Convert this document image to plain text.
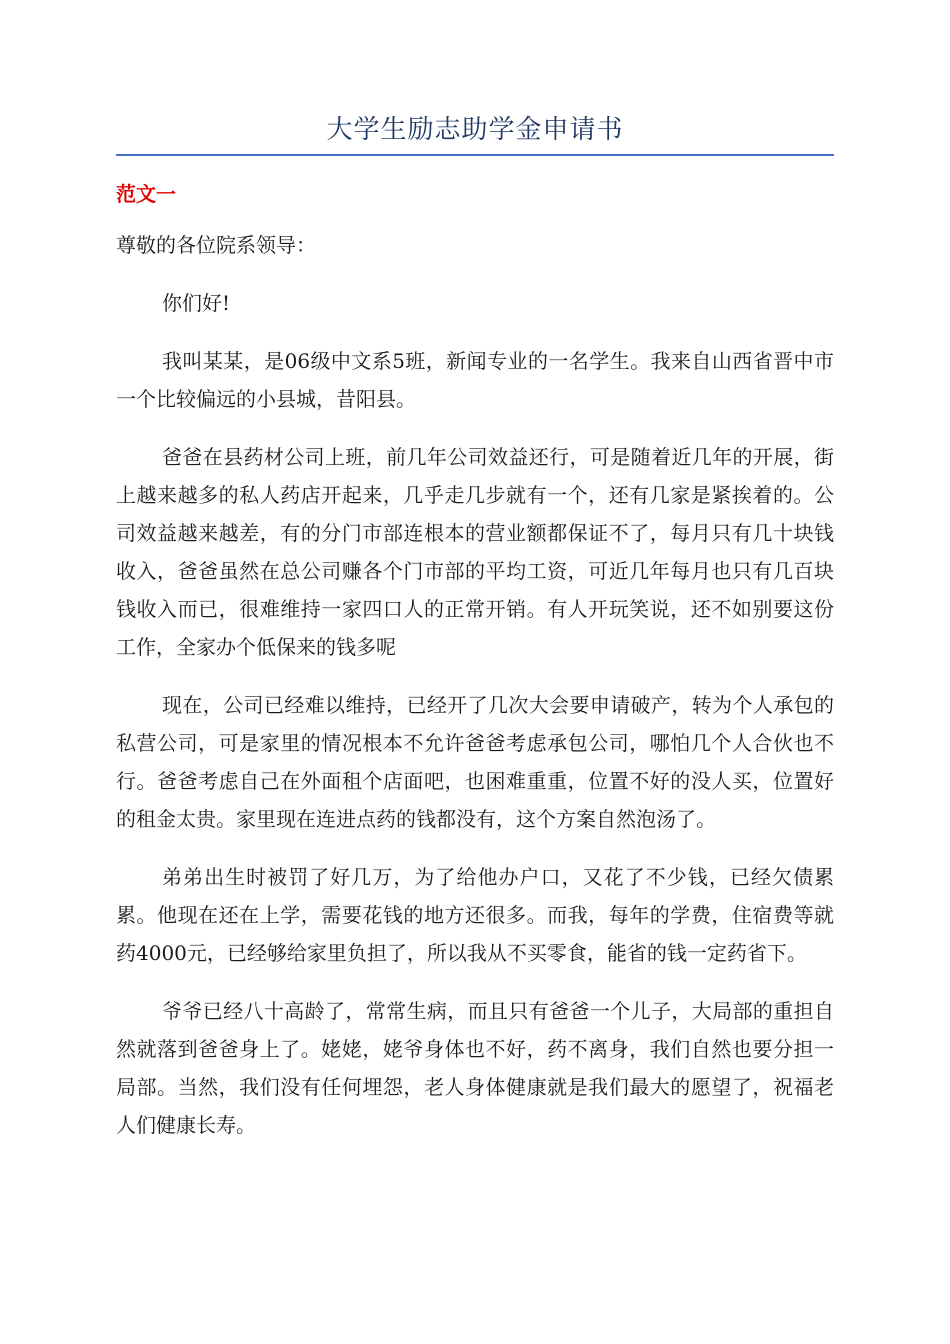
大学生励志助学金申请书
范文一

尊敬的各位院系领导：

你们好!

我叫某某，是06级中文系5班，新闻专业的一名学生。我来自山西省晋中市一个比较偏远的小县城，昔阳县。

爸爸在县药材公司上班，前几年公司效益还行，可是随着近几年的开展，街上越来越多的私人药店开起来，几乎走几步就有一个，还有几家是紧挨着的。公司效益越来越差，有的分门市部连根本的营业额都保证不了，每月只有几十块钱收入，爸爸虽然在总公司赚各个门市部的平均工资，可近几年每月也只有几百块钱收入而已，很难维持一家四口人的正常开销。有人开玩笑说，还不如别要这份工作，全家办个低保来的钱多呢

现在，公司已经难以维持，已经开了几次大会要申请破产，转为个人承包的私营公司，可是家里的情况根本不允许爸爸考虑承包公司，哪怕几个人合伙也不行。爸爸考虑自己在外面租个店面吧，也困难重重，位置不好的没人买，位置好的租金太贵。家里现在连进点药的钱都没有，这个方案自然泡汤了。

弟弟出生时被罚了好几万，为了给他办户口，又花了不少钱，已经欠债累累。他现在还在上学，需要花钱的地方还很多。而我，每年的学费，住宿费等就药4000元，已经够给家里负担了，所以我从不买零食，能省的钱一定药省下。

爷爷已经八十高龄了，常常生病，而且只有爸爸一个儿子，大局部的重担自然就落到爸爸身上了。姥姥，姥爷身体也不好，药不离身，我们自然也要分担一局部。当然，我们没有任何埋怨，老人身体健康就是我们最大的愿望了，祝福老人们健康长寿。
